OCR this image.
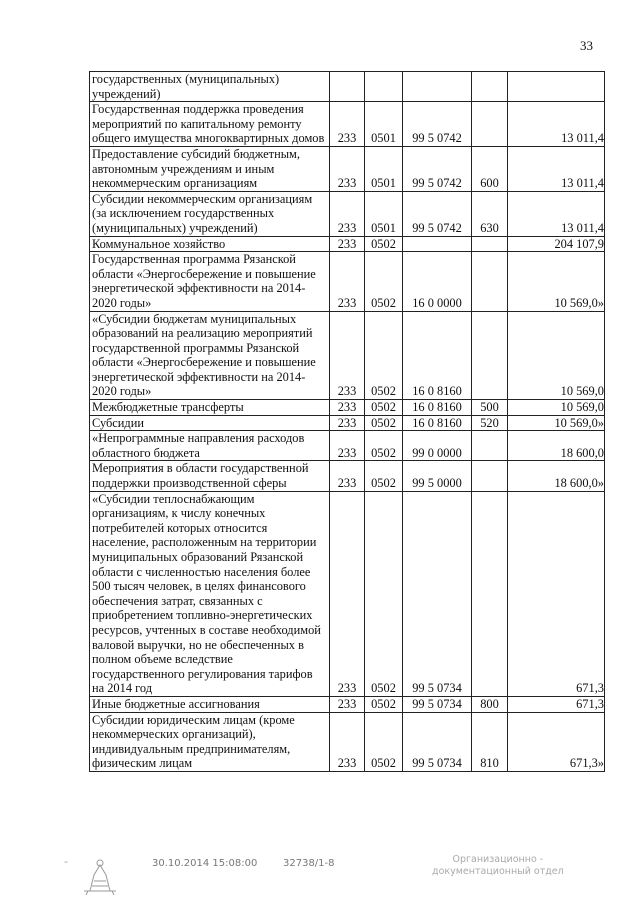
33
государственных (муниципальных)
учреждений)					
Государственная поддержка проведения мероприятий по капитальному ремонту общего имущества многоквартирных домов	233	0501	99 5 0742		13 011,4
Предоставление субсидий бюджетным, автономным учреждениям и иным некоммерческим организациям	233	0501	99 5 0742	600	13 011,4
Субсидии некоммерческим организациям (за исключением государственных (муниципальных) учреждений)	233	0501	99 5 0742	630	13 011,4
Коммунальное хозяйство	233	0502			204 107,9
Государственная программа Рязанской области «Энергосбережение и повышение энергетической эффективности на 2014-2020 годы»	233	0502	16 0 0000		10 569,0»
«Субсидии бюджетам муниципальных образований на реализацию мероприятий государственной программы Рязанской области «Энергосбережение и повышение энергетической эффективности на 2014-2020 годы»	233	0502	16 0 8160		10 569,0
Межбюджетные трансферты	233	0502	16 0 8160	500	10 569,0
Субсидии	233	0502	16 0 8160	520	10 569,0»
«Непрограммные направления расходов областного бюджета	233	0502	99 0 0000		18 600,0
Мероприятия в области государственной поддержки производственной сферы	233	0502	99 5 0000		18 600,0»
«Субсидии теплоснабжающим организациям, к числу конечных потребителей которых относится население, расположенным на территории муниципальных образований Рязанской области с численностью населения более 500 тысяч человек, в целях финансового обеспечения затрат, связанных с приобретением топливно-энергетических ресурсов, учтенных в составе необходимой валовой выручки, но не обеспеченных в полном объеме вследствие государственного регулирования тарифов на 2014 год	233	0502	99 5 0734		671,3
Иные бюджетные ассигнования	233	0502	99 5 0734	800	671,3
Субсидии юридическим лицам (кроме некоммерческих организаций), индивидуальным предпринимателям, физическим лицам	233	0502	99 5 0734	810	671,3»
-	30.10.2014 15:08:00	32738/1-8	Организационно -
документационный отдел
